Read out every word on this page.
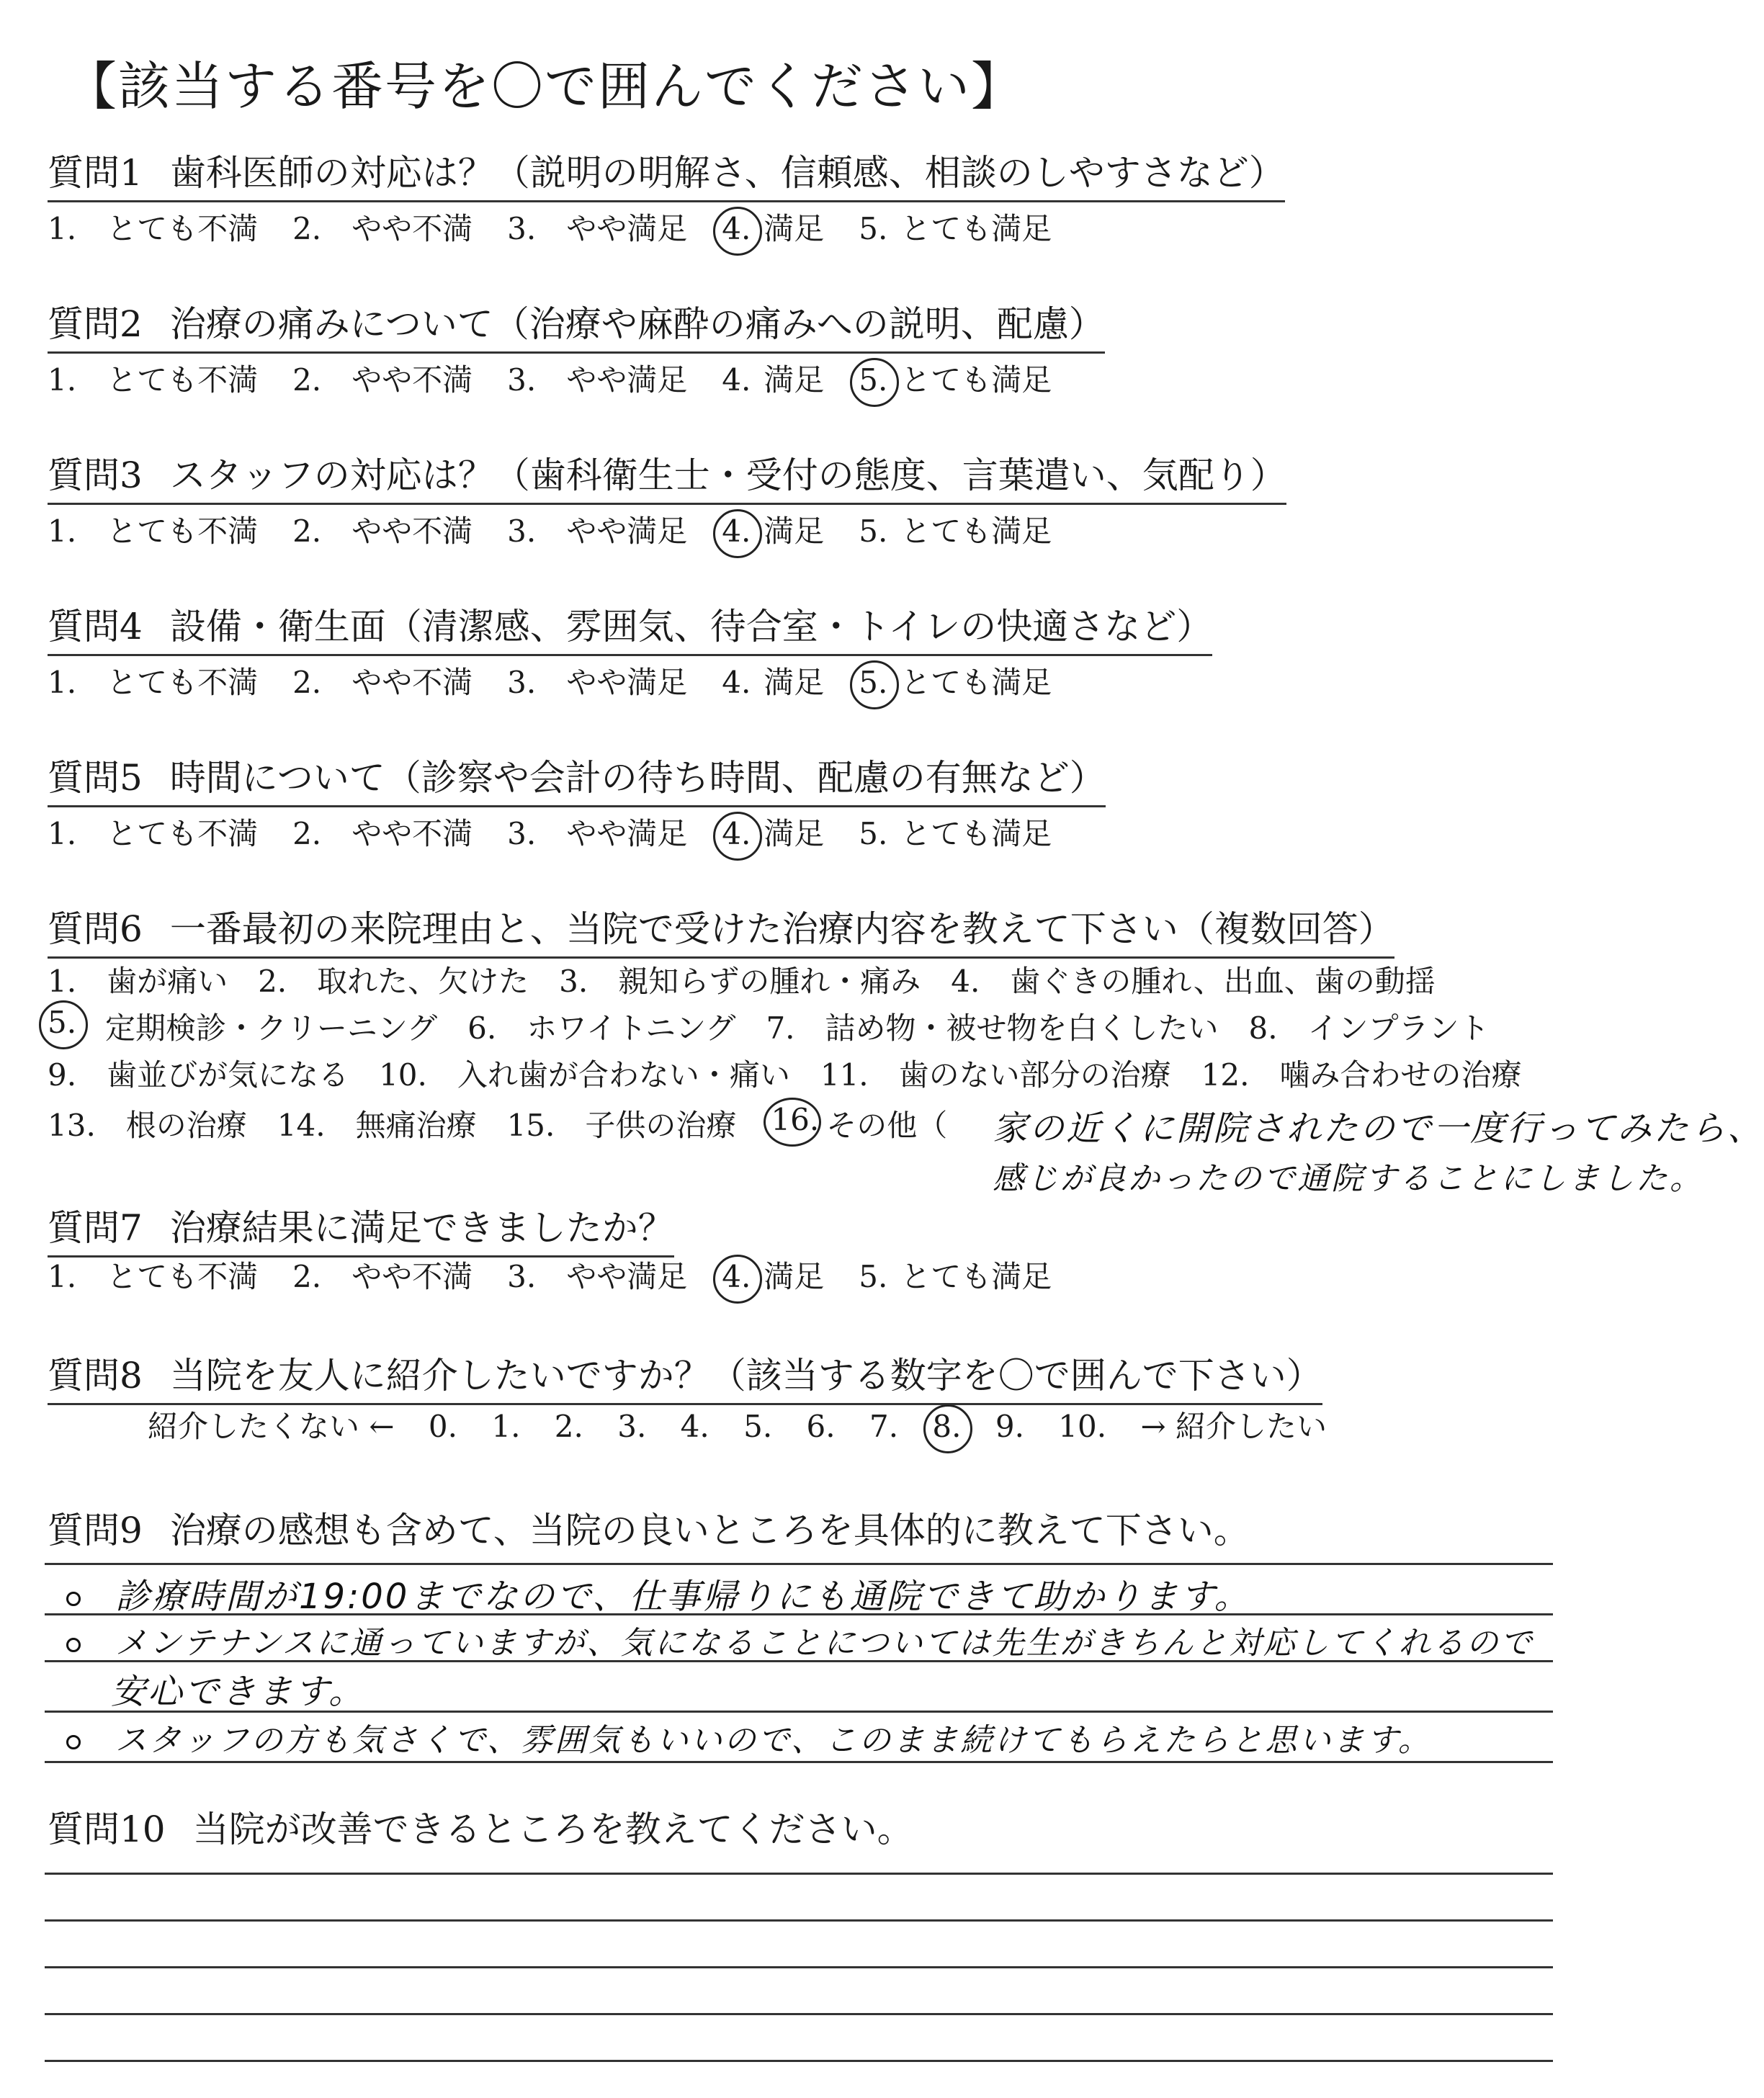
【該当する番号を〇で囲んでください】
質問1 歯科医師の対応は？（説明の明解さ、信頼感、相談のしやすさなど）
1.　とても不満 2.　やや不満 3.　やや満足 4. 満足 5. とても満足
質問2 治療の痛みについて（治療や麻酔の痛みへの説明、配慮）
1.　とても不満 2.　やや不満 3.　やや満足 4. 満足 5. とても満足
質問3 スタッフの対応は？（歯科衛生士・受付の態度、言葉遣い、気配り）
1.　とても不満 2.　やや不満 3.　やや満足 4. 満足 5. とても満足
質問4 設備・衛生面（清潔感、雰囲気、待合室・トイレの快適さなど）
1.　とても不満 2.　やや不満 3.　やや満足 4. 満足 5. とても満足
質問5 時間について（診察や会計の待ち時間、配慮の有無など）
1.　とても不満 2.　やや不満 3.　やや満足 4. 満足 5. とても満足
質問6 一番最初の来院理由と、当院で受けた治療内容を教えて下さい（複数回答）
1.　歯が痛い　2.　取れた、欠けた　3.　親知らずの腫れ・痛み　4.　歯ぐきの腫れ、出血、歯の動揺
5. 定期検診・クリーニング　6.　ホワイトニング　7.　詰め物・被せ物を白くしたい　8.　インプラント
9.　歯並びが気になる　10.　入れ歯が合わない・痛い　11.　歯のない部分の治療　12.　噛み合わせの治療
13.　根の治療　14.　無痛治療　15.　子供の治療 16. その他（ 家の近くに開院されたので一度行ってみたら、
感じが良かったので通院することにしました。
質問7 治療結果に満足できましたか？
1.　とても不満 2.　やや不満 3.　やや満足 4. 満足 5. とても満足
質問8 当院を友人に紹介したいですか？（該当する数字を〇で囲んで下さい）
紹介したくない ← 0. 1. 2. 3. 4. 5. 6. 7. 8. 9. 10. → 紹介したい
質問9 治療の感想も含めて、当院の良いところを具体的に教えて下さい。
診療時間が19:00までなので、仕事帰りにも通院できて助かります。
メンテナンスに通っていますが、気になることについては先生がきちんと対応してくれるので
安心できます。
スタッフの方も気さくで、雰囲気もいいので、このまま続けてもらえたらと思います。
質問10 当院が改善できるところを教えてください。
